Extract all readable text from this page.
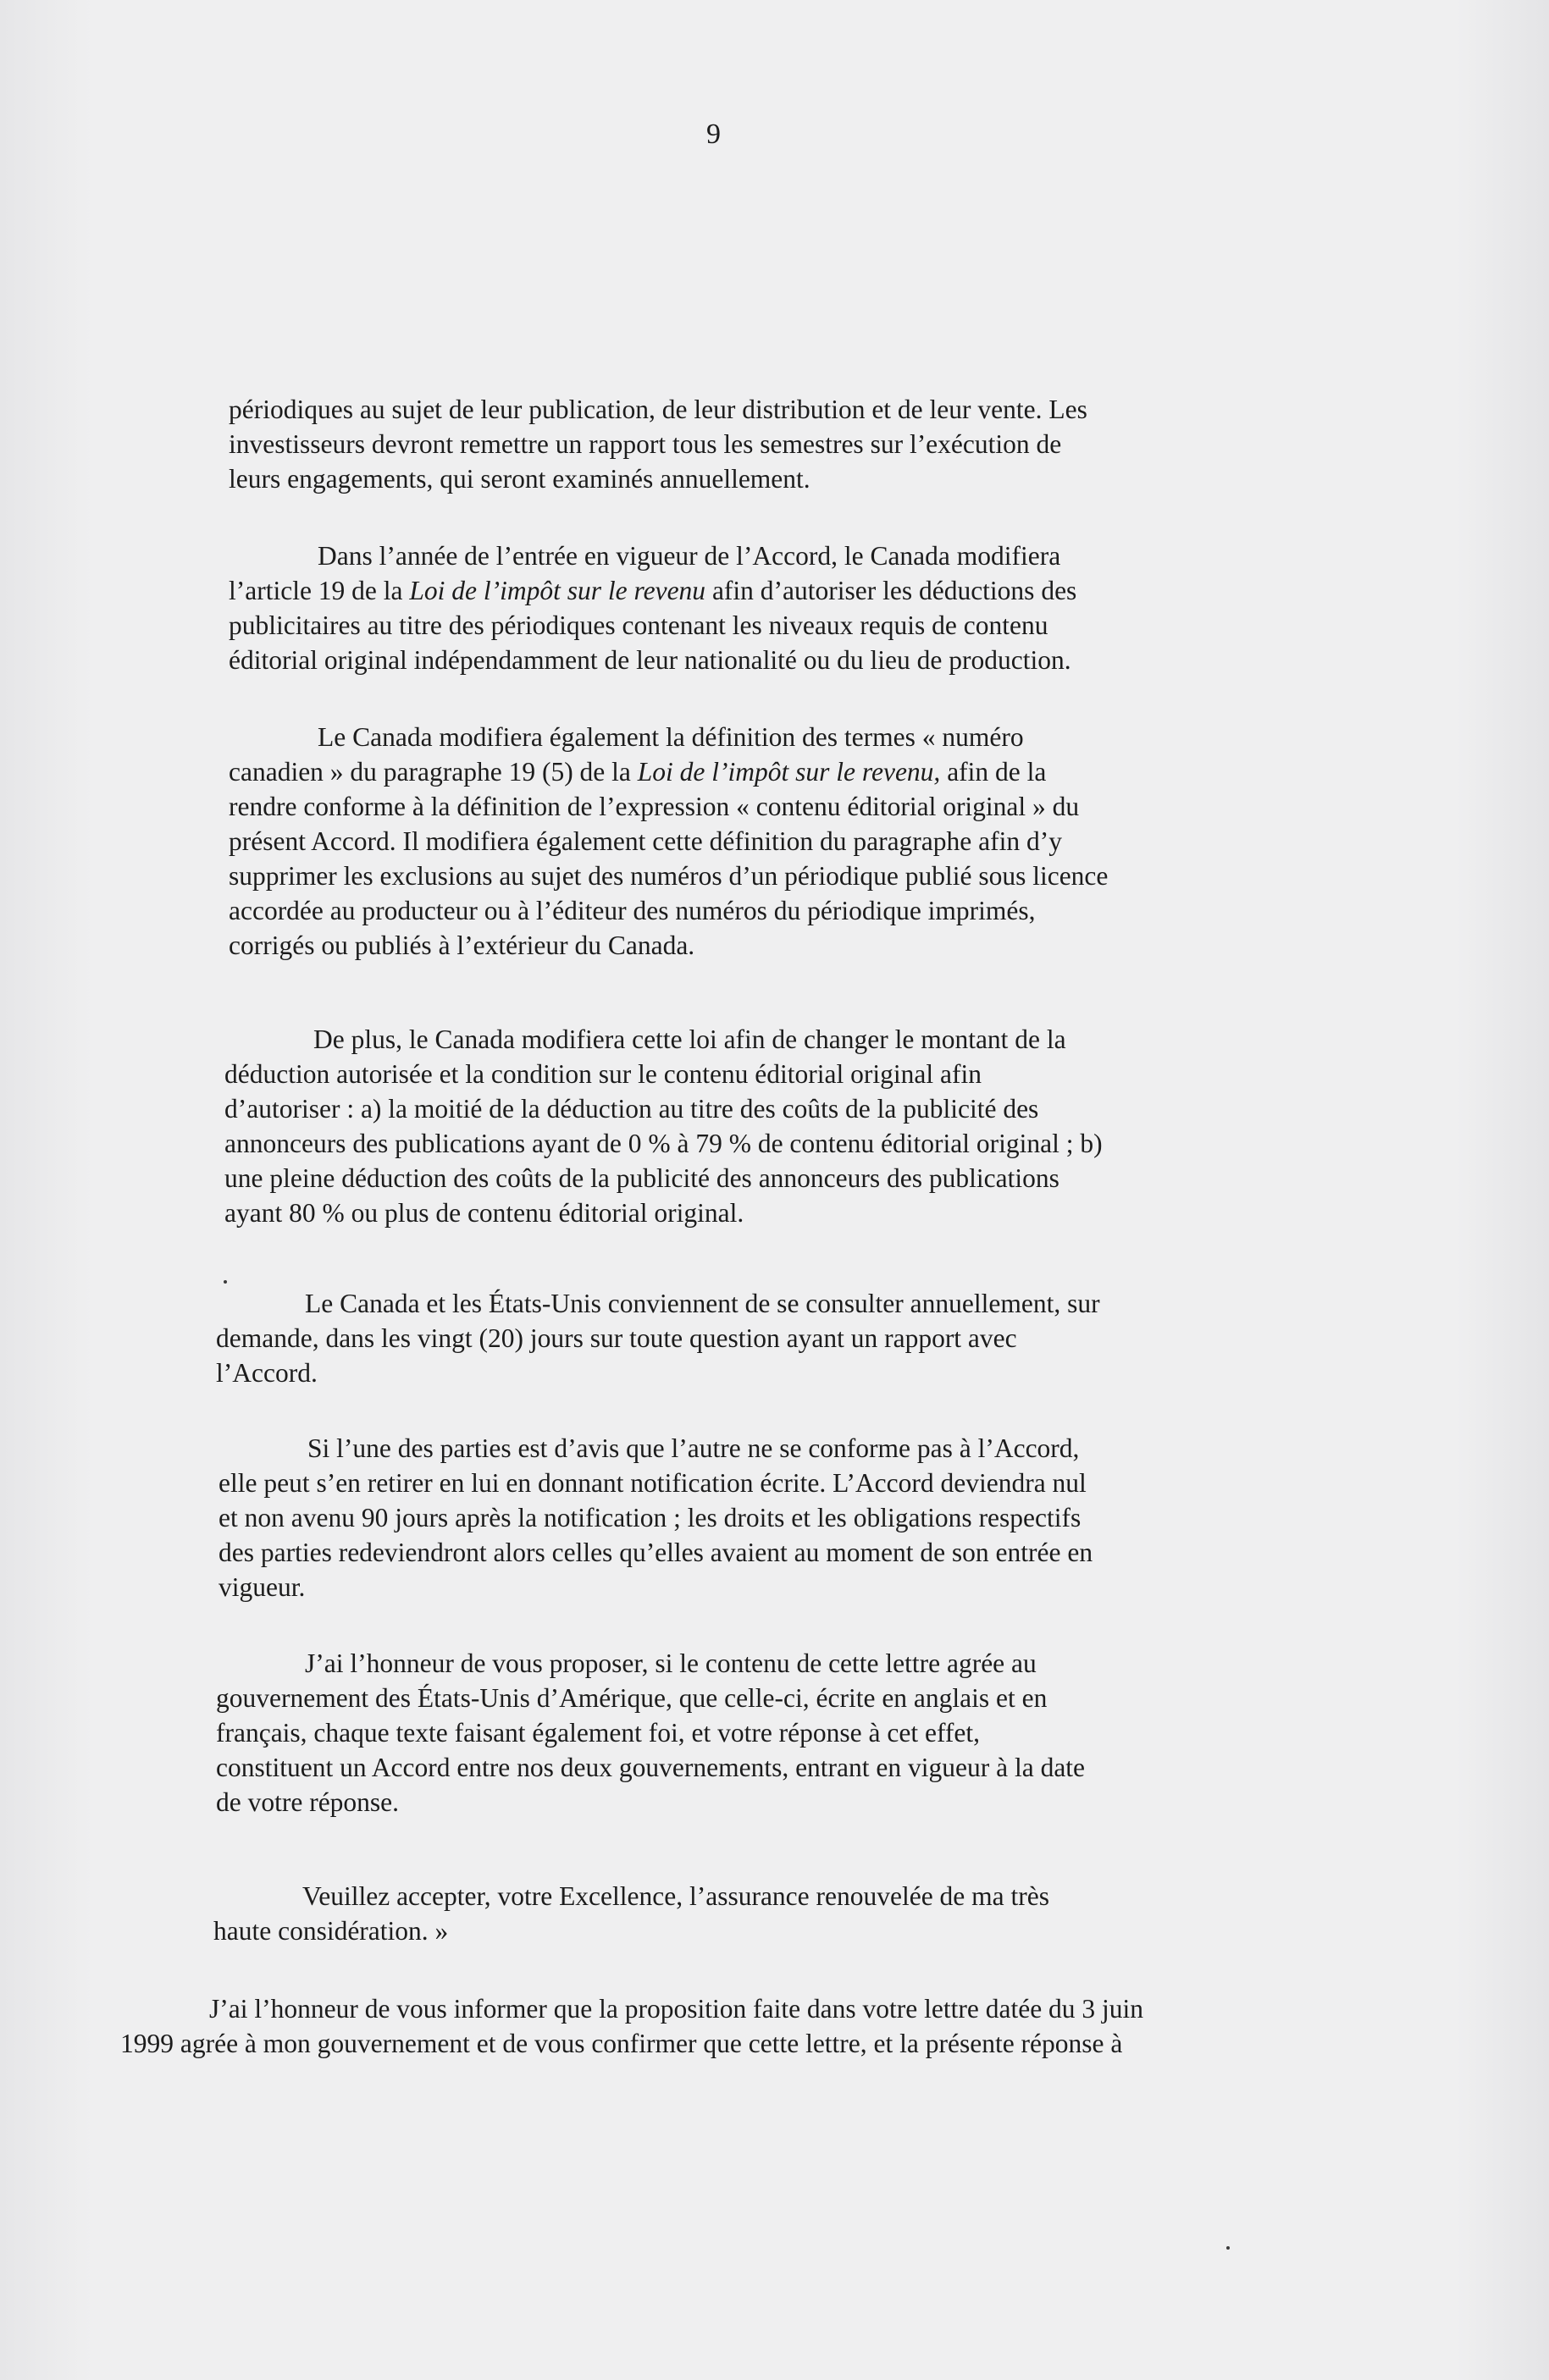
9

périodiques au sujet de leur publication, de leur distribution et de leur vente. Les
investisseurs devront remettre un rapport tous les semestres sur l’exécution de
leurs engagements, qui seront examinés annuellement.

Dans l’année de l’entrée en vigueur de l’Accord, le Canada modifiera
l’article 19 de la Loi de l’impôt sur le revenu afin d’autoriser les déductions des
publicitaires au titre des périodiques contenant les niveaux requis de contenu
éditorial original indépendamment de leur nationalité ou du lieu de production.

Le Canada modifiera également la définition des termes « numéro
canadien » du paragraphe 19 (5) de la Loi de l’impôt sur le revenu, afin de la
rendre conforme à la définition de l’expression « contenu éditorial original » du
présent Accord. Il modifiera également cette définition du paragraphe afin d’y
supprimer les exclusions au sujet des numéros d’un périodique publié sous licence
accordée au producteur ou à l’éditeur des numéros du périodique imprimés,
corrigés ou publiés à l’extérieur du Canada.

De plus, le Canada modifiera cette loi afin de changer le montant de la
déduction autorisée et la condition sur le contenu éditorial original afin
d’autoriser : a) la moitié de la déduction au titre des coûts de la publicité des
annonceurs des publications ayant de 0 % à 79 % de contenu éditorial original ; b)
une pleine déduction des coûts de la publicité des annonceurs des publications
ayant 80 % ou plus de contenu éditorial original.

Le Canada et les États-Unis conviennent de se consulter annuellement, sur
demande, dans les vingt (20) jours sur toute question ayant un rapport avec
l’Accord.

Si l’une des parties est d’avis que l’autre ne se conforme pas à l’Accord,
elle peut s’en retirer en lui en donnant notification écrite. L’Accord deviendra nul
et non avenu 90 jours après la notification ; les droits et les obligations respectifs
des parties redeviendront alors celles qu’elles avaient au moment de son entrée en
vigueur.

J’ai l’honneur de vous proposer, si le contenu de cette lettre agrée au
gouvernement des États-Unis d’Amérique, que celle-ci, écrite en anglais et en
français, chaque texte faisant également foi, et votre réponse à cet effet,
constituent un Accord entre nos deux gouvernements, entrant en vigueur à la date
de votre réponse.

Veuillez accepter, votre Excellence, l’assurance renouvelée de ma très
haute considération. »

J’ai l’honneur de vous informer que la proposition faite dans votre lettre datée du 3 juin
1999 agrée à mon gouvernement et de vous confirmer que cette lettre, et la présente réponse à
